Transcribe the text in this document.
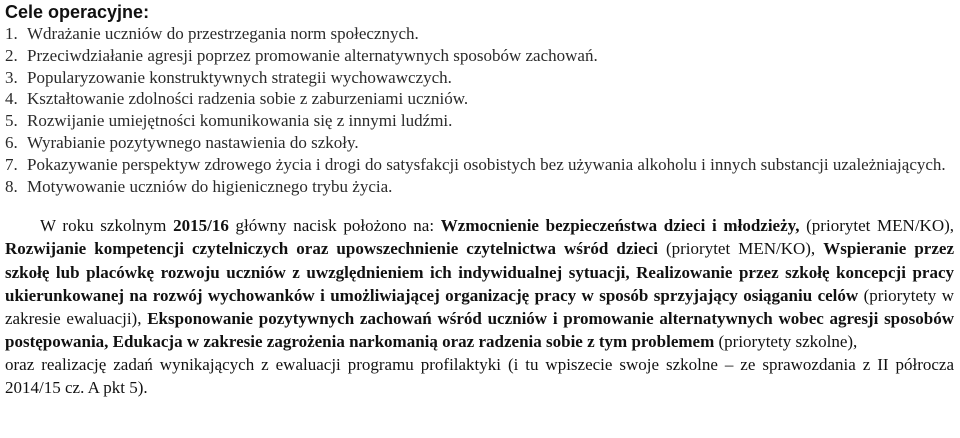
Cele operacyjne:
1. Wdrażanie uczniów do przestrzegania norm społecznych.
2. Przeciwdziałanie agresji poprzez promowanie alternatywnych sposobów zachowań.
3. Popularyzowanie konstruktywnych strategii wychowawczych.
4. Kształtowanie zdolności radzenia sobie z zaburzeniami uczniów.
5. Rozwijanie umiejętności komunikowania się z innymi ludźmi.
6. Wyrabianie pozytywnego nastawienia do szkoły.
7. Pokazywanie perspektyw zdrowego życia i drogi do satysfakcji osobistych bez używania alkoholu i innych substancji uzależniających.
8. Motywowanie uczniów do higienicznego trybu życia.

W roku szkolnym 2015/16 główny nacisk położono na: Wzmocnienie bezpieczeństwa dzieci i młodzieży, (priorytet MEN/KO), Rozwijanie kompetencji czytelniczych oraz upowszechnienie czytelnictwa wśród dzieci (priorytet MEN/KO), Wspieranie przez szkołę lub placówkę rozwoju uczniów z uwzględnieniem ich indywidualnej sytuacji, Realizowanie przez szkołę koncepcji pracy ukierunkowanej na rozwój wychowanków i umożliwiającej organizację pracy w sposób sprzyjający osiąganiu celów (priorytety w zakresie ewaluacji), Eksponowanie pozytywnych zachowań wśród uczniów i promowanie alternatywnych wobec agresji sposobów postępowania, Edukacja w zakresie zagrożenia narkomanią oraz radzenia sobie z tym problemem (priorytety szkolne),

oraz realizację zadań wynikających z ewaluacji programu profilaktyki (i tu wpiszecie swoje szkolne – ze sprawozdania z II półrocza 2014/15 cz. A pkt 5).
